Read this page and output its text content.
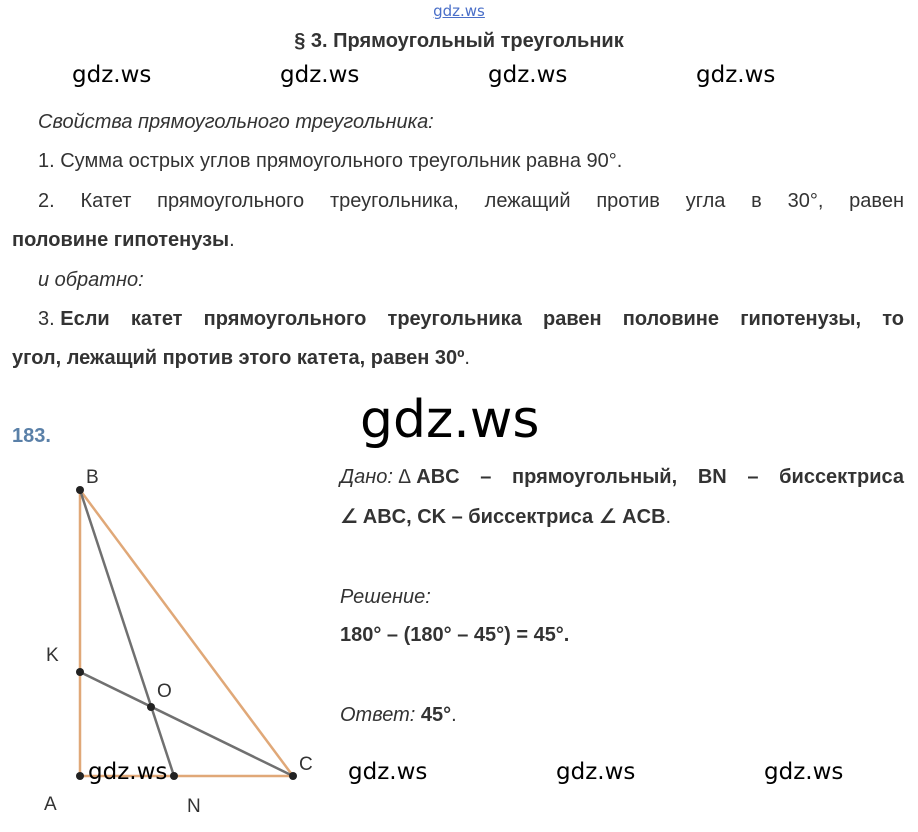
gdz.ws
§ 3. Прямоугольный треугольник
gdz.ws	gdz.ws	gdz.ws	gdz.ws
Свойства прямоугольного треугольника:
1. Сумма острых углов прямоугольного треугольник равна 90°.
2. Катет прямоугольного треугольника, лежащий против угла в 30°, равен
половине гипотенузы.
и обратно:
3. Если катет прямоугольного треугольника равен половине гипотенузы, то
угол, лежащий против этого катета, равен 30º.
gdz.ws
183.
B
K
O
C
A	N
Дано: ∆ ABC – прямоугольный, BN – биссектриса
∠ ABC, CK – биссектриса ∠ ACB.
Решение:
180° – (180° – 45°) = 45°.
Ответ: 45°.
gdz.ws	gdz.ws	gdz.ws	gdz.ws
